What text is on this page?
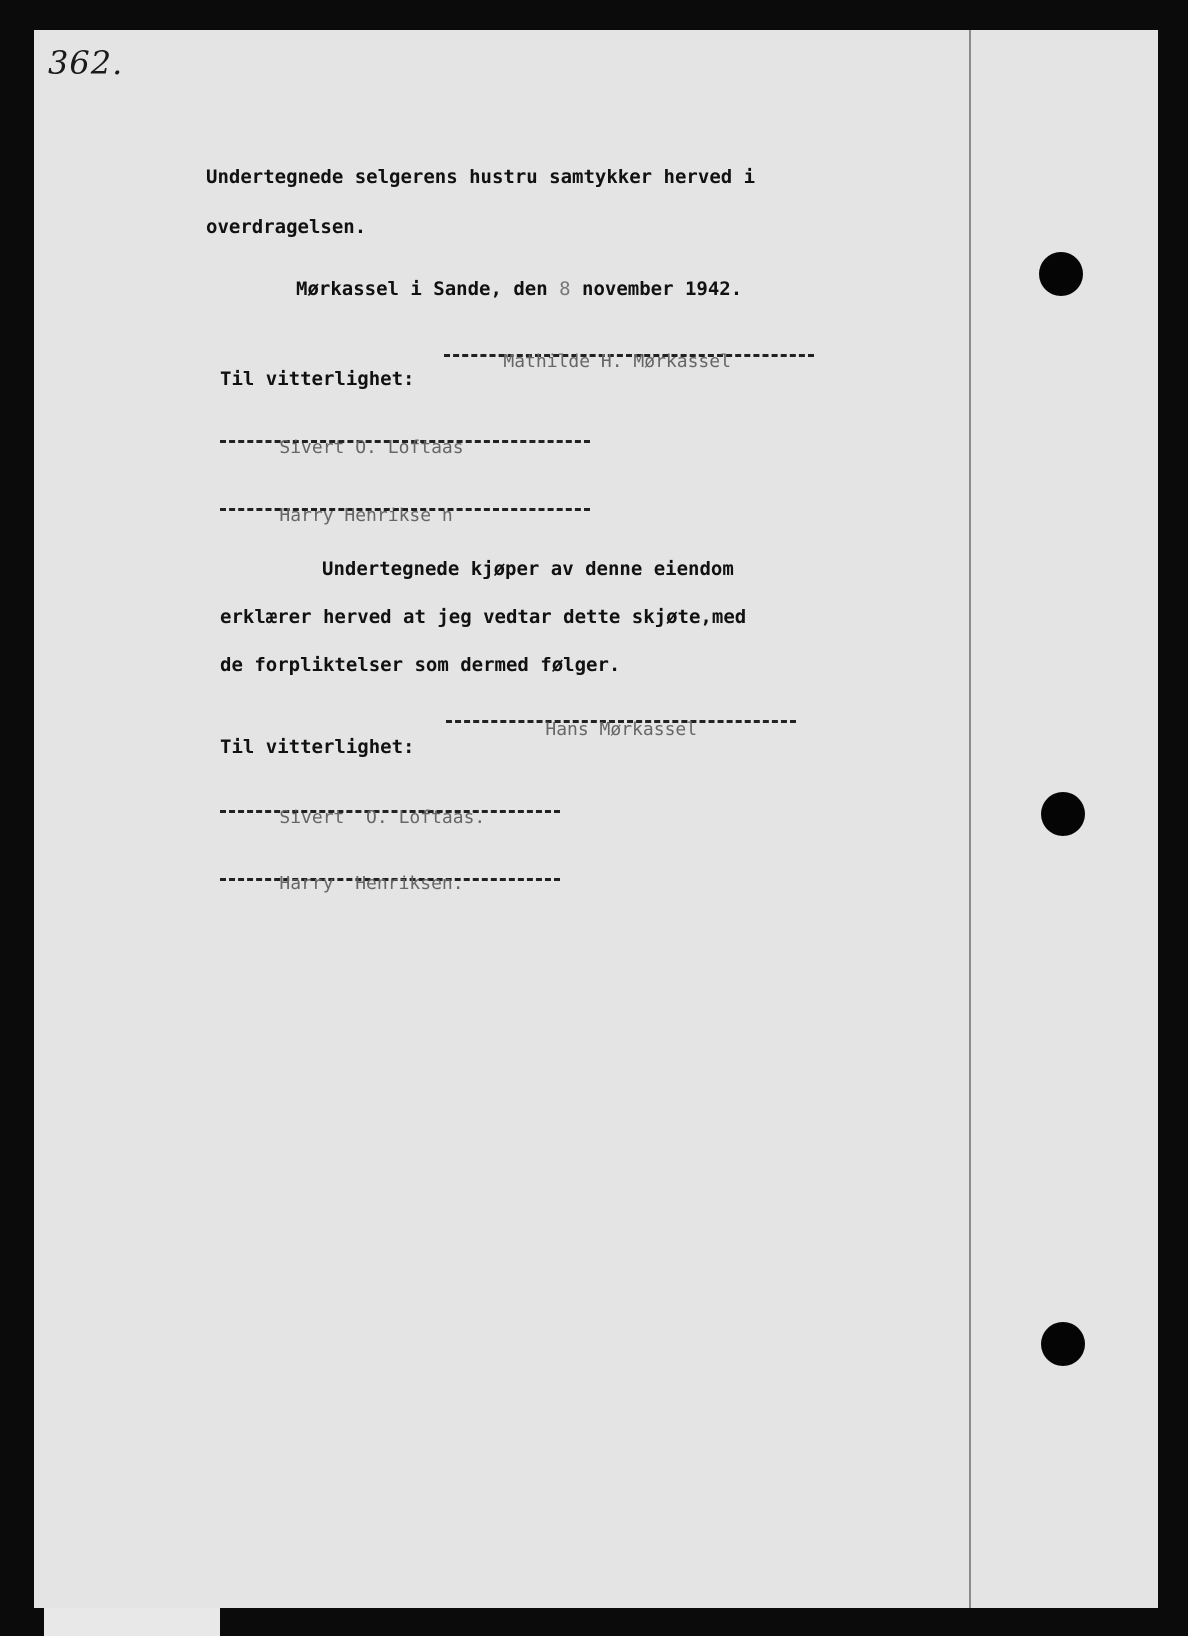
362.
Undertegnede selgerens hustru samtykker herved i
overdragelsen.
Mørkassel i Sande, den 8 november 1942.

Mathilde H. Mørkassel

Til vitterlighet:

Sivert O. Loftaas

Harry Henrikse n

Undertegnede kjøper av denne eiendom
erklærer herved at jeg vedtar dette skjøte,med
de forpliktelser som dermed følger.

Hans Mørkassel

Til vitterlighet:

Sivert  O. Loftaas.

Harry  Henriksen.
